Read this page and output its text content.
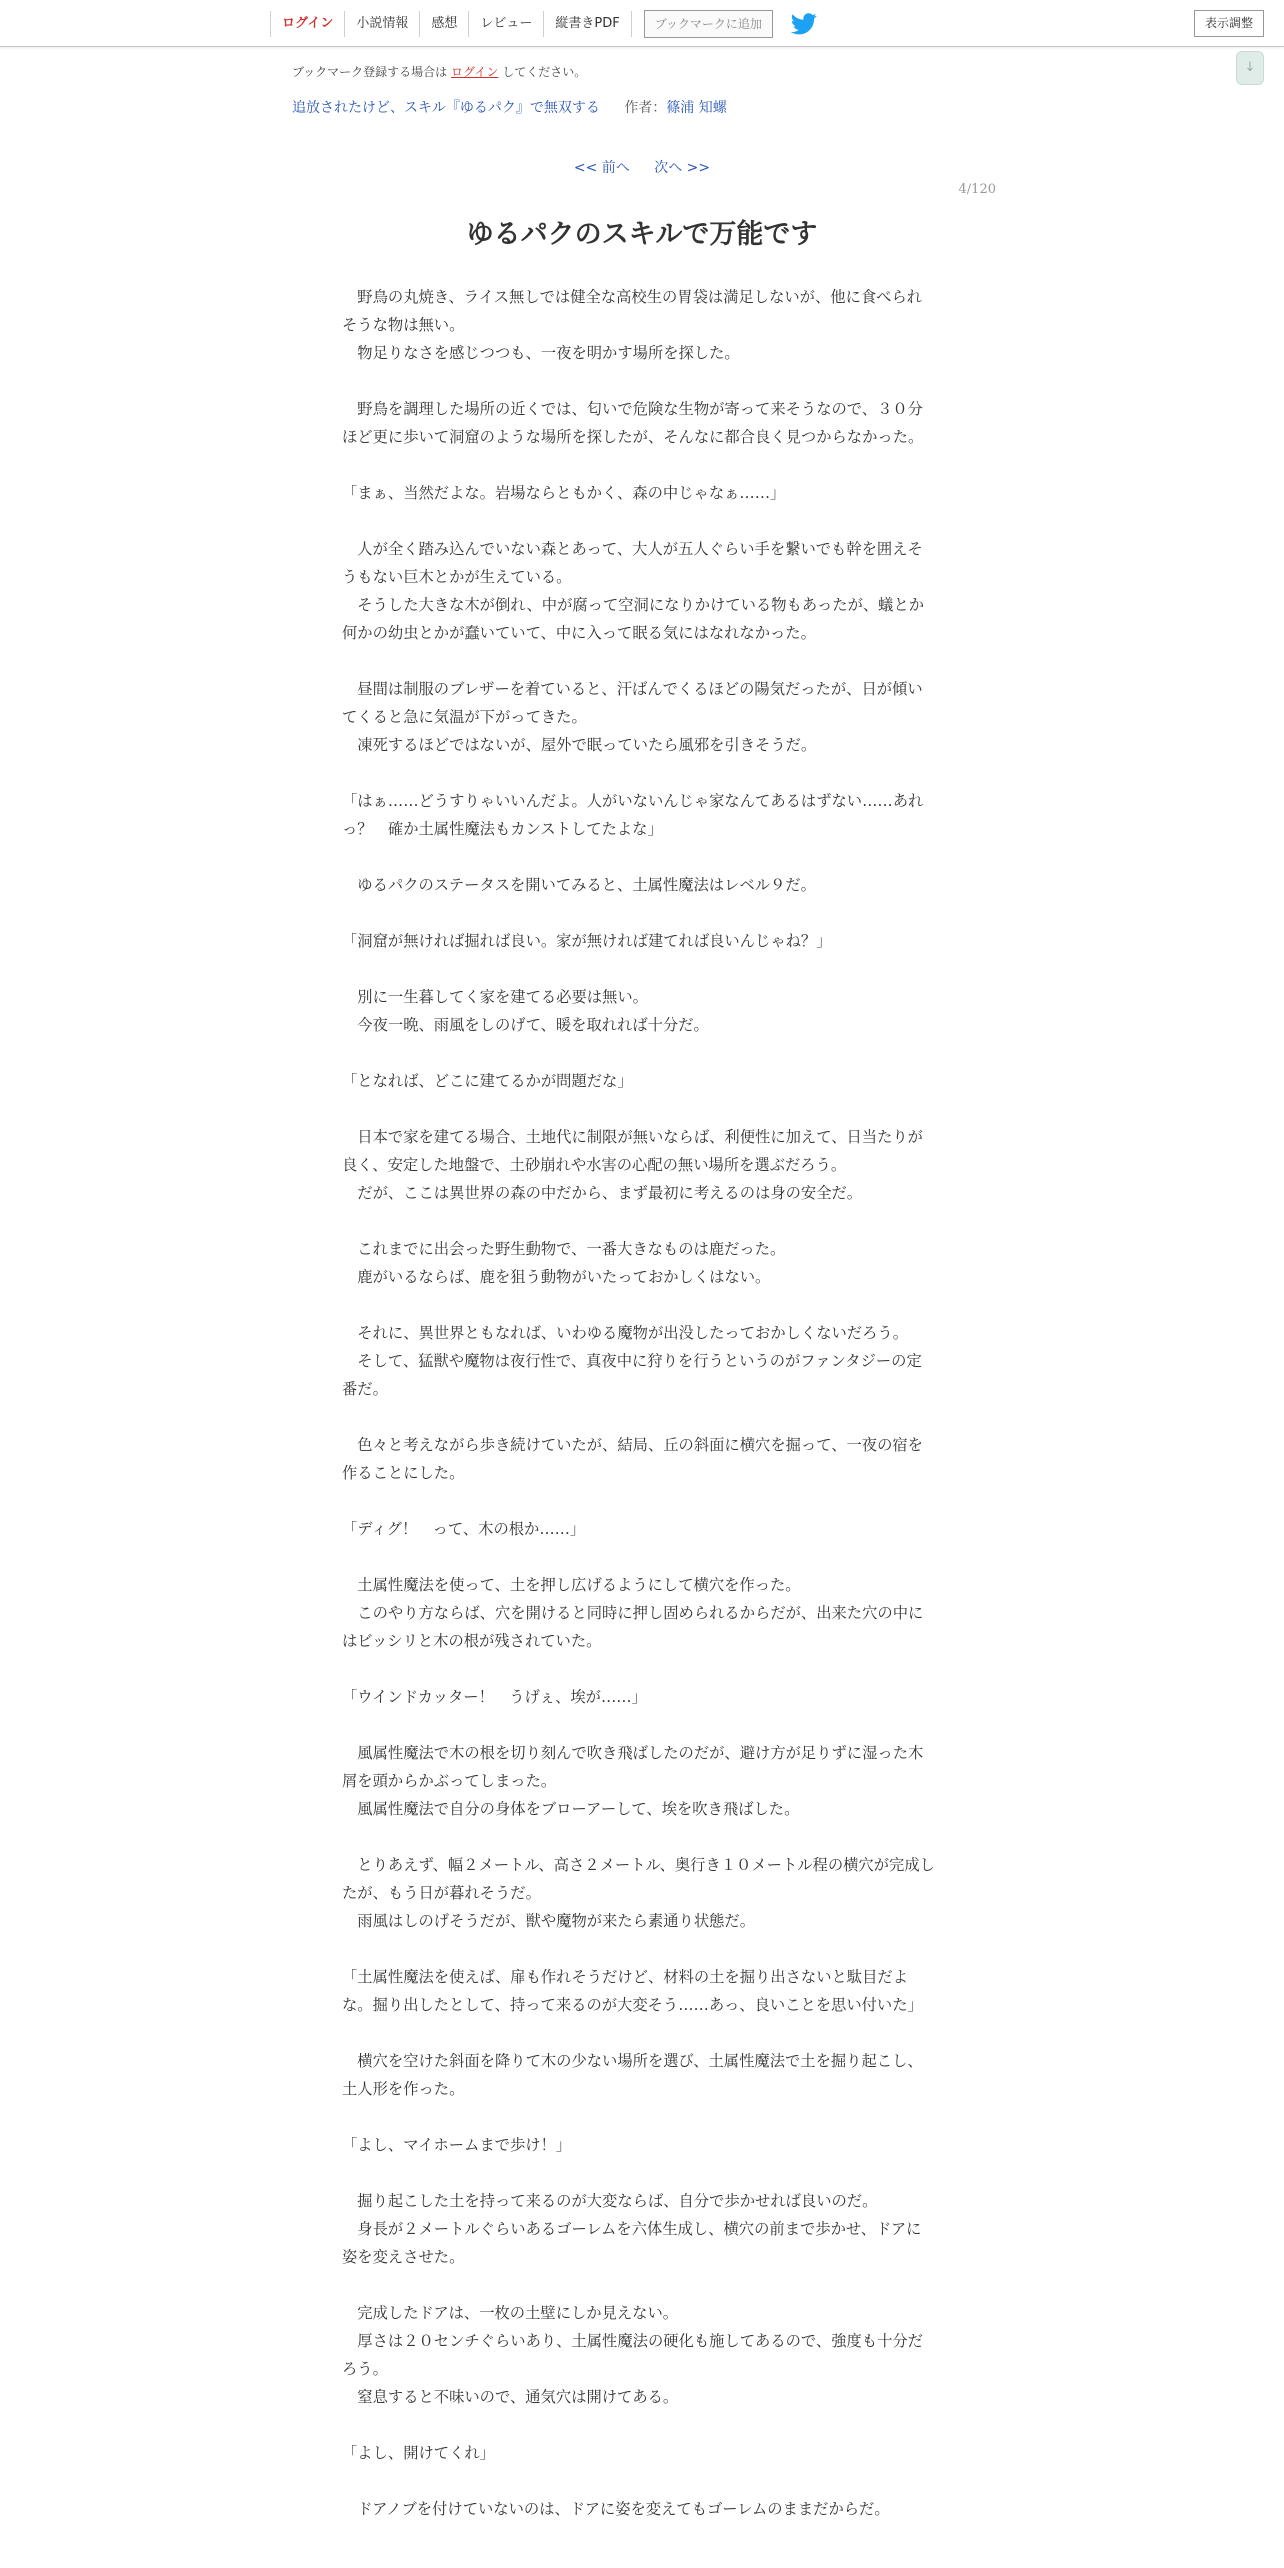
ログイン	小説情報	感想	レビュー	縦書きPDF	ブックマークに追加	表示調整
↓
ブックマーク登録する場合は ログイン してください。
追放されたけど、スキル『ゆるパク』で無双する 作者：篠浦 知螺
<< 前へ 次へ >>
4/120
ゆるパクのスキルで万能です

　野鳥の丸焼き、ライス無しでは健全な高校生の胃袋は満足しないが、他に食べられそうな物は無い。

　物足りなさを感じつつも、一夜を明かす場所を探した。

　野鳥を調理した場所の近くでは、匂いで危険な生物が寄って来そうなので、３０分ほど更に歩いて洞窟のような場所を探したが、そんなに都合良く見つからなかった。

「まぁ、当然だよな。岩場ならともかく、森の中じゃなぁ……」

　人が全く踏み込んでいない森とあって、大人が五人ぐらい手を繋いでも幹を囲えそうもない巨木とかが生えている。

　そうした大きな木が倒れ、中が腐って空洞になりかけている物もあったが、蟻とか何かの幼虫とかが蠢いていて、中に入って眠る気にはなれなかった。

　昼間は制服のブレザーを着ていると、汗ばんでくるほどの陽気だったが、日が傾いてくると急に気温が下がってきた。

　凍死するほどではないが、屋外で眠っていたら風邪を引きそうだ。

「はぁ……どうすりゃいいんだよ。人がいないんじゃ家なんてあるはずない……あれっ？　確か土属性魔法もカンストしてたよな」

　ゆるパクのステータスを開いてみると、土属性魔法はレベル９だ。

「洞窟が無ければ掘れば良い。家が無ければ建てれば良いんじゃね？」

　別に一生暮してく家を建てる必要は無い。

　今夜一晩、雨風をしのげて、暖を取れれば十分だ。

「となれば、どこに建てるかが問題だな」

　日本で家を建てる場合、土地代に制限が無いならば、利便性に加えて、日当たりが良く、安定した地盤で、土砂崩れや水害の心配の無い場所を選ぶだろう。

　だが、ここは異世界の森の中だから、まず最初に考えるのは身の安全だ。

　これまでに出会った野生動物で、一番大きなものは鹿だった。

　鹿がいるならば、鹿を狙う動物がいたっておかしくはない。

　それに、異世界ともなれば、いわゆる魔物が出没したっておかしくないだろう。

　そして、猛獣や魔物は夜行性で、真夜中に狩りを行うというのがファンタジーの定番だ。

　色々と考えながら歩き続けていたが、結局、丘の斜面に横穴を掘って、一夜の宿を作ることにした。

「ディグ！　って、木の根か……」

　土属性魔法を使って、土を押し広げるようにして横穴を作った。

　このやり方ならば、穴を開けると同時に押し固められるからだが、出来た穴の中にはビッシリと木の根が残されていた。

「ウインドカッター！　うげぇ、埃が……」

　風属性魔法で木の根を切り刻んで吹き飛ばしたのだが、避け方が足りずに湿った木屑を頭からかぶってしまった。

　風属性魔法で自分の身体をブローアーして、埃を吹き飛ばした。

　とりあえず、幅２メートル、高さ２メートル、奥行き１０メートル程の横穴が完成したが、もう日が暮れそうだ。

　雨風はしのげそうだが、獣や魔物が来たら素通り状態だ。

「土属性魔法を使えば、扉も作れそうだけど、材料の土を掘り出さないと駄目だよな。掘り出したとして、持って来るのが大変そう……あっ、良いことを思い付いた」

　横穴を空けた斜面を降りて木の少ない場所を選び、土属性魔法で土を掘り起こし、土人形を作った。

「よし、マイホームまで歩け！」

　掘り起こした土を持って来るのが大変ならば、自分で歩かせれば良いのだ。

　身長が２メートルぐらいあるゴーレムを六体生成し、横穴の前まで歩かせ、ドアに姿を変えさせた。

　完成したドアは、一枚の土壁にしか見えない。

　厚さは２０センチぐらいあり、土属性魔法の硬化も施してあるので、強度も十分だろう。

　窒息すると不味いので、通気穴は開けてある。

「よし、開けてくれ」

　ドアノブを付けていないのは、ドアに姿を変えてもゴーレムのままだからだ。
